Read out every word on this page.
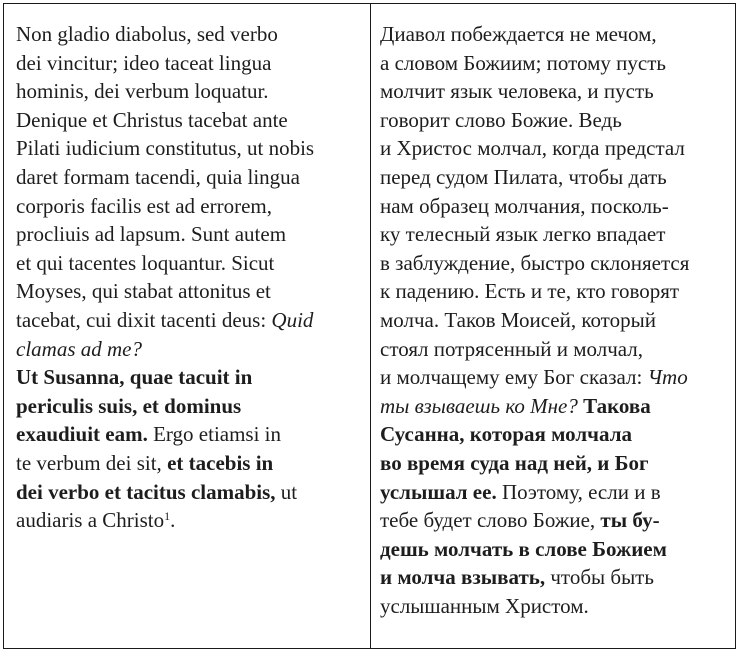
Non gladio diabolus, sed verbo
dei vincitur; ideo taceat lingua
hominis, dei verbum loquatur.
Denique et Christus tacebat ante
Pilati iudicium constitutus, ut nobis
daret formam tacendi, quia lingua
corporis facilis est ad errorem,
procliuis ad lapsum. Sunt autem
et qui tacentes loquantur. Sicut
Moyses, qui stabat attonitus et
tacebat, cui dixit tacenti deus: Quid
clamas ad me?
Ut Susanna, quae tacuit in
periculis suis, et dominus
exaudiuit eam. Ergo etiamsi in
te verbum dei sit, et tacebis in
dei verbo et tacitus clamabis, ut
audiaris a Christo$^1$.
Диавол побеждается не мечом,
а словом Божиим; потому пусть
молчит язык человека, и пусть
говорит слово Божие. Ведь
и Христос молчал, когда предстал
перед судом Пилата, чтобы дать
нам образец молчания, посколь-
ку телесный язык легко впадает
в заблуждение, быстро склоняется
к падению. Есть и те, кто говорят
молча. Таков Моисей, который
стоял потрясенный и молчал,
и молчащему ему Бог сказал: Что
ты взываешь ко Мне? Такова
Сусанна, которая молчала
во время суда над ней, и Бог
услышал ее. Поэтому, если и в
тебе будет слово Божие, ты бу-
дешь молчать в слове Божием
и молча взывать, чтобы быть
услышанным Христом.
